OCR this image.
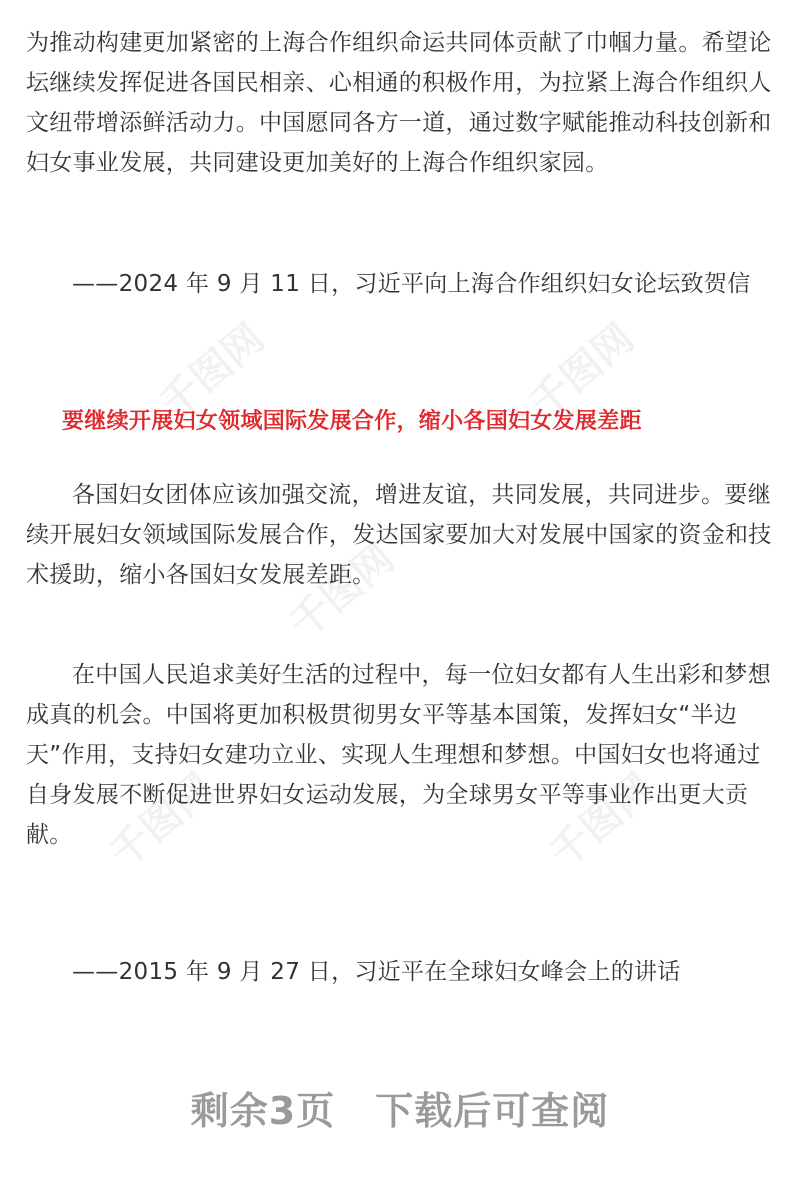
千图网	千图网
千图网
千图网	千图网

为推动构建更加紧密的上海合作组织命运共同体贡献了巾帼力量。希望论坛继续发挥促进各国民相亲、心相通的积极作用，为拉紧上海合作组织人文纽带增添鲜活动力。中国愿同各方一道，通过数字赋能推动科技创新和妇女事业发展，共同建设更加美好的上海合作组织家园。

——2024 年 9 月 11 日，习近平向上海合作组织妇女论坛致贺信

要继续开展妇女领域国际发展合作，缩小各国妇女发展差距

各国妇女团体应该加强交流，增进友谊，共同发展，共同进步。要继续开展妇女领域国际发展合作，发达国家要加大对发展中国家的资金和技术援助，缩小各国妇女发展差距。

在中国人民追求美好生活的过程中，每一位妇女都有人生出彩和梦想成真的机会。中国将更加积极贯彻男女平等基本国策，发挥妇女“半边天”作用，支持妇女建功立业、实现人生理想和梦想。中国妇女也将通过自身发展不断促进世界妇女运动发展，为全球男女平等事业作出更大贡献。

——2015 年 9 月 27 日，习近平在全球妇女峰会上的讲话

剩余3页 下载后可查阅
